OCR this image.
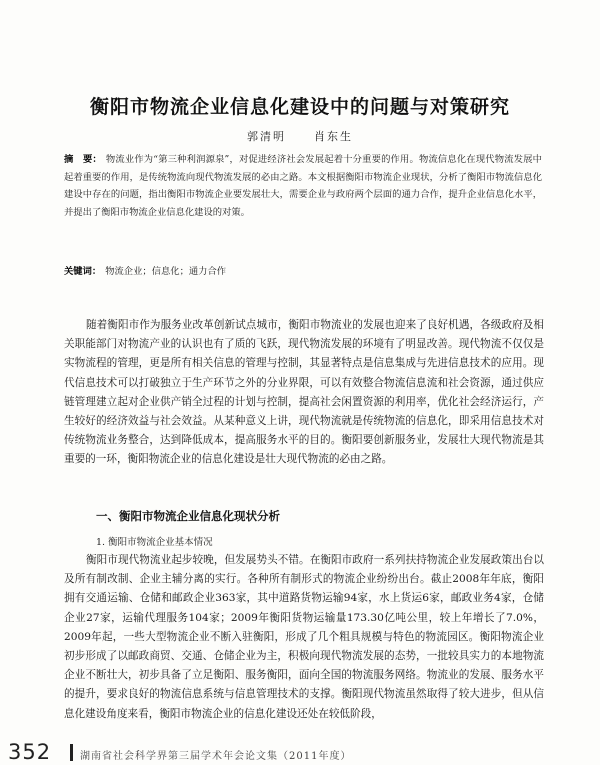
衡阳市物流企业信息化建设中的问题与对策研究
郭清明	肖东生
摘　要： 物流业作为“第三种利润源泉”，对促进经济社会发展起着十分重要的作用。物流信息化在现代物流发展中起着重要的作用，是传统物流向现代物流发展的必由之路。本文根据衡阳市物流企业现状，分析了衡阳市物流信息化建设中存在的问题，指出衡阳市物流企业要发展壮大，需要企业与政府两个层面的通力合作，提升企业信息化水平，并提出了衡阳市物流企业信息化建设的对策。
关键词： 物流企业；信息化；通力合作
随着衡阳市作为服务业改革创新试点城市，衡阳市物流业的发展也迎来了良好机遇，各级政府及相关职能部门对物流产业的认识也有了质的飞跃，现代物流发展的环境有了明显改善。现代物流不仅仅是实物流程的管理，更是所有相关信息的管理与控制，其显著特点是信息集成与先进信息技术的应用。现代信息技术可以打破独立于生产环节之外的分业界限，可以有效整合物流信息流和社会资源，通过供应链管理建立起对企业供产销全过程的计划与控制，提高社会闲置资源的利用率，优化社会经济运行，产生较好的经济效益与社会效益。从某种意义上讲，现代物流就是传统物流的信息化，即采用信息技术对传统物流业务整合，达到降低成本，提高服务水平的目的。衡阳要创新服务业，发展壮大现代物流是其重要的一环，衡阳物流企业的信息化建设是壮大现代物流的必由之路。
一、衡阳市物流企业信息化现状分析
1. 衡阳市物流企业基本情况
衡阳市现代物流业起步较晚，但发展势头不错。在衡阳市政府一系列扶持物流企业发展政策出台以及所有制改制、企业主辅分离的实行。各种所有制形式的物流企业纷纷出台。截止2008年年底，衡阳拥有交通运输、仓储和邮政企业363家，其中道路货物运输94家，水上货运6家，邮政业务4家，仓储企业27家，运输代理服务104家；2009年衡阳货物运输量173.30亿吨公里，较上年增长了7.0%，2009年起，一些大型物流企业不断入驻衡阳，形成了几个粗具规模与特色的物流园区。衡阳物流企业初步形成了以邮政商贸、交通、仓储企业为主，积极向现代物流发展的态势，一批较具实力的本地物流企业不断壮大，初步具备了立足衡阳、服务衡阳，面向全国的物流服务网络。物流业的发展、服务水平的提升，要求良好的物流信息系统与信息管理技术的支撑。衡阳现代物流虽然取得了较大进步，但从信息化建设角度来看，衡阳市物流企业的信息化建设还处在较低阶段，
352	湖南省社会科学界第三届学术年会论文集（2011年度）
